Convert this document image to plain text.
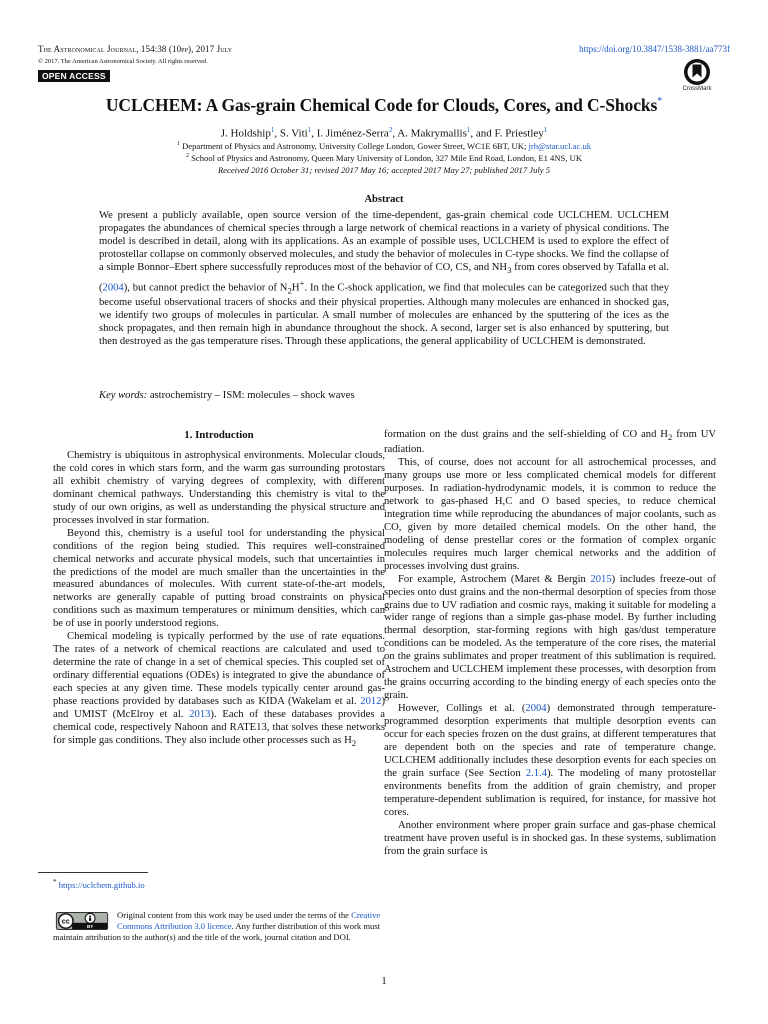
The Astronomical Journal, 154:38 (10pp), 2017 July	https://doi.org/10.3847/1538-3881/aa773f
© 2017. The American Astronomical Society. All rights reserved.
OPEN ACCESS
CrossMark
UCLCHEM: A Gas-grain Chemical Code for Clouds, Cores, and C-Shocks*
J. Holdship$^1$, S. Viti$^1$, I. Jiménez-Serra$^2$, A. Makrymallis$^1$, and F. Priestley$^1$
$^1$ Department of Physics and Astronomy, University College London, Gower Street, WC1E 6BT, UK; jrh@star.ucl.ac.uk
$^2$ School of Physics and Astronomy, Queen Mary University of London, 327 Mile End Road, London, E1 4NS, UK
Received 2016 October 31; revised 2017 May 16; accepted 2017 May 27; published 2017 July 5
Abstract
We present a publicly available, open source version of the time-dependent, gas-grain chemical code UCLCHEM. UCLCHEM propagates the abundances of chemical species through a large network of chemical reactions in a variety of physical conditions. The model is described in detail, along with its applications. As an example of possible uses, UCLCHEM is used to explore the effect of protostellar collapse on commonly observed molecules, and study the behavior of molecules in C-type shocks. We find the collapse of a simple Bonnor–Ebert sphere successfully reproduces most of the behavior of CO, CS, and $NH_3$ from cores observed by Tafalla et al. (2004), but cannot predict the behavior of $N_2H^+$. In the C-shock application, we find that molecules can be categorized such that they become useful observational tracers of shocks and their physical properties. Although many molecules are enhanced in shocked gas, we identify two groups of molecules in particular. A small number of molecules are enhanced by the sputtering of the ices as the shock propagates, and then remain high in abundance throughout the shock. A second, larger set is also enhanced by sputtering, but then destroyed as the gas temperature rises. Through these applications, the general applicability of UCLCHEM is demonstrated.
Key words: astrochemistry – ISM: molecules – shock waves
1. Introduction

Chemistry is ubiquitous in astrophysical environments. Molecular clouds, the cold cores in which stars form, and the warm gas surrounding protostars all exhibit chemistry of varying degrees of complexity, with different dominant chemical pathways. Understanding this chemistry is vital to the study of our own origins, as well as understanding the physical structure and processes involved in star formation.

Beyond this, chemistry is a useful tool for understanding the physical conditions of the region being studied. This requires well-constrained chemical networks and accurate physical models, such that uncertainties in the predictions of the model are much smaller than the uncertainties in the measured abundances of molecules. With current state-of-the-art models, networks are generally capable of putting broad constraints on physical conditions such as maximum temperatures or minimum densities, which can be of use in poorly understood regions.

Chemical modeling is typically performed by the use of rate equations. The rates of a network of chemical reactions are calculated and used to determine the rate of change in a set of chemical species. This coupled set of ordinary differential equations (ODEs) is integrated to give the abundance of each species at any given time. These models typically center around gas-phase reactions provided by databases such as KIDA (Wakelam et al. 2012) and UMIST (McElroy et al. 2013). Each of these databases provides a chemical code, respectively Nahoon and RATE13, that solves these networks for simple gas conditions. They also include other processes such as $H_2$

formation on the dust grains and the self-shielding of CO and $H_2$ from UV radiation.

This, of course, does not account for all astrochemical processes, and many groups use more or less complicated chemical models for different purposes. In radiation-hydrodynamic models, it is common to reduce the network to gas-phased H,C and O based species, to reduce chemical integration time while reproducing the abundances of major coolants, such as CO, given by more detailed chemical models. On the other hand, the modeling of dense prestellar cores or the formation of complex organic molecules requires much larger chemical networks and the addition of processes involving dust grains.

For example, Astrochem (Maret & Bergin 2015) includes freeze-out of species onto dust grains and the non-thermal desorption of species from those grains due to UV radiation and cosmic rays, making it suitable for modeling a wider range of regions than a simple gas-phase model. By further including thermal desorption, star-forming regions with high gas/dust temperature conditions can be modeled. As the temperature of the core rises, the material on the grains sublimates and proper treatment of this sublimation is required. Astrochem and UCLCHEM implement these processes, with desorption from the grains occurring according to the binding energy of each species onto the grain.

However, Collings et al. (2004) demonstrated through temperature-programmed desorption experiments that multiple desorption events can occur for each species frozen on the dust grains, at different temperatures that are dependent both on the species and rate of temperature change. UCLCHEM additionally includes these desorption events for each species on the grain surface (See Section 2.1.4). The modeling of many protostellar environments benefits from the addition of grain chemistry, and proper temperature-dependent sublimation is required, for instance, for massive hot cores.

Another environment where proper grain surface and gas-phase chemical treatment have proven useful is in shocked gas. In these systems, sublimation from the grain surface is

* https://uclchem.github.io
cc
BY
Original content from this work may be used under the terms of the Creative Commons Attribution 3.0 licence. Any further distribution of this work must maintain attribution to the author(s) and the title of the work, journal citation and DOI.
1
